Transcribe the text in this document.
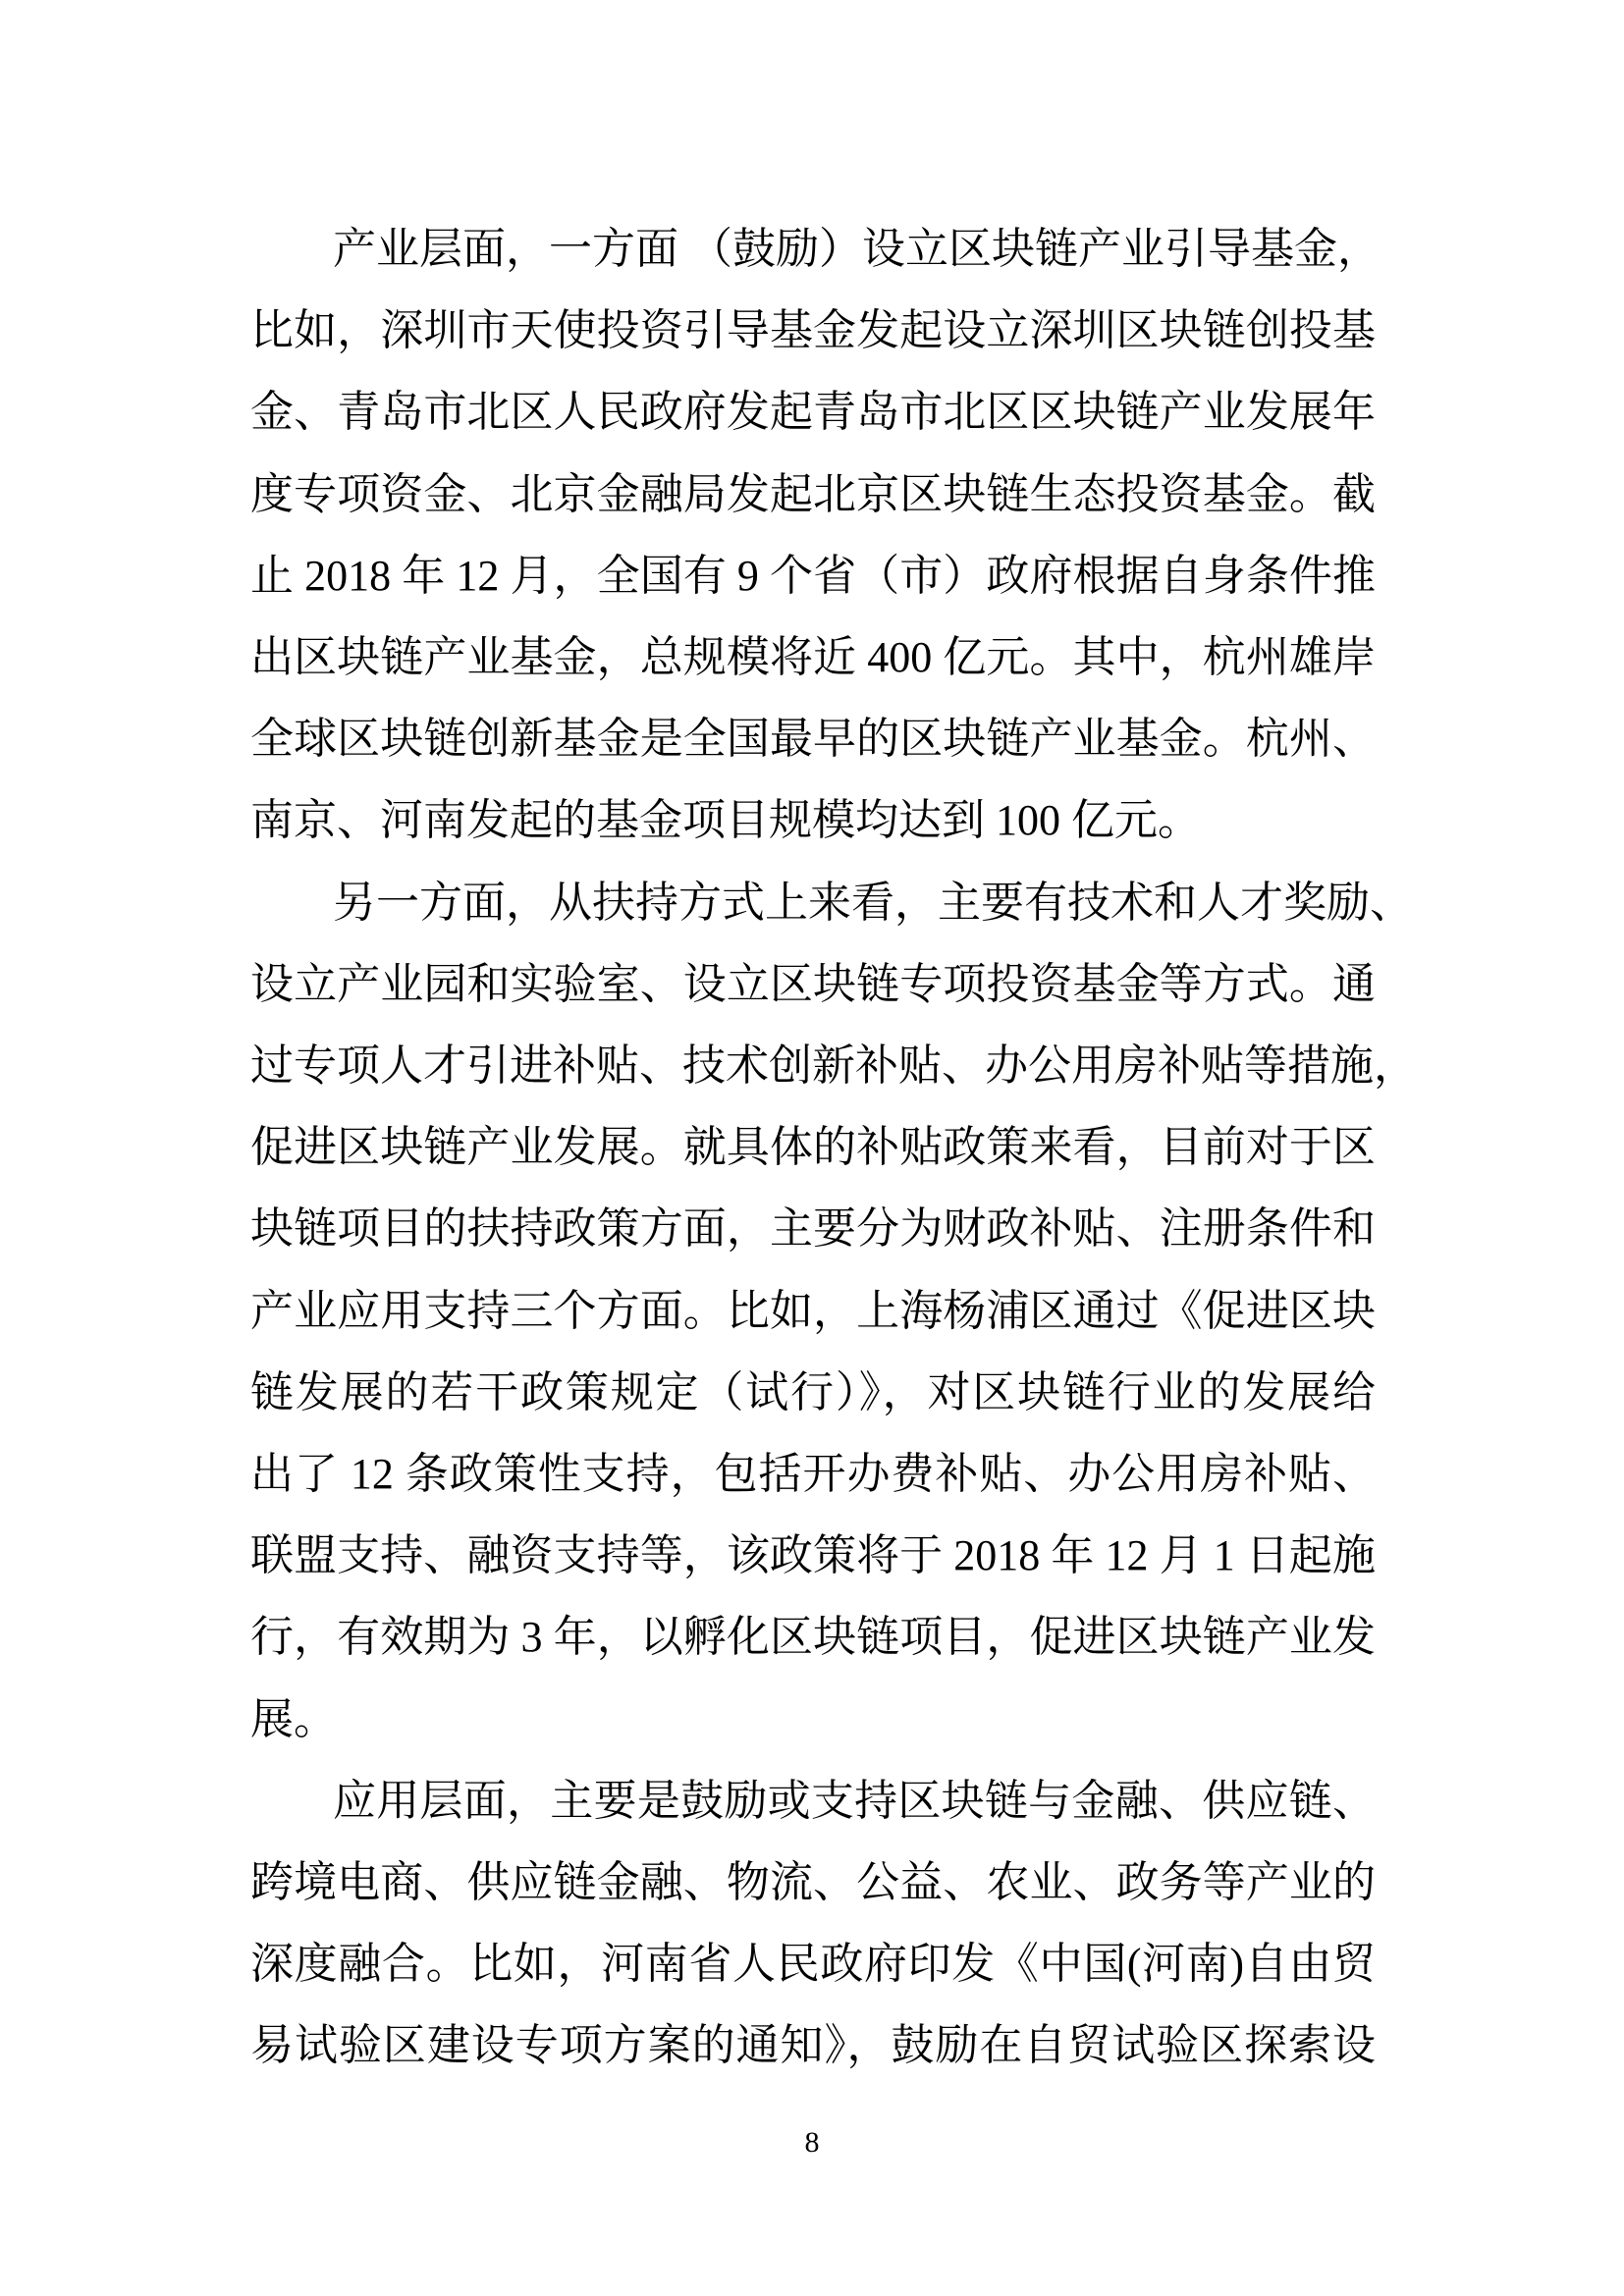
产业层面，一方面 （鼓励）设立区块链产业引导基金，
比如，深圳市天使投资引导基金发起设立深圳区块链创投基
金、青岛市北区人民政府发起青岛市北区区块链产业发展年
度专项资金、北京金融局发起北京区块链生态投资基金。截
止 2018 年 12 月，全国有 9 个省（市）政府根据自身条件推
出区块链产业基金，总规模将近 400 亿元。其中，杭州雄岸
全球区块链创新基金是全国最早的区块链产业基金。杭州、
南京、河南发起的基金项目规模均达到 100 亿元。
另一方面，从扶持方式上来看，主要有技术和人才奖励、
设立产业园和实验室、设立区块链专项投资基金等方式。通
过专项人才引进补贴、技术创新补贴、办公用房补贴等措施，
促进区块链产业发展。就具体的补贴政策来看，目前对于区
块链项目的扶持政策方面，主要分为财政补贴、注册条件和
产业应用支持三个方面。比如，上海杨浦区通过《促进区块
链发展的若干政策规定（试行）》，对区块链行业的发展给
出了 12 条政策性支持，包括开办费补贴、办公用房补贴、
联盟支持、融资支持等，该政策将于 2018 年 12 月 1 日起施
行，有效期为 3 年，以孵化区块链项目，促进区块链产业发
展。
应用层面，主要是鼓励或支持区块链与金融、供应链、
跨境电商、供应链金融、物流、公益、农业、政务等产业的
深度融合。比如，河南省人民政府印发《中国(河南)自由贸
易试验区建设专项方案的通知》，鼓励在自贸试验区探索设
8
